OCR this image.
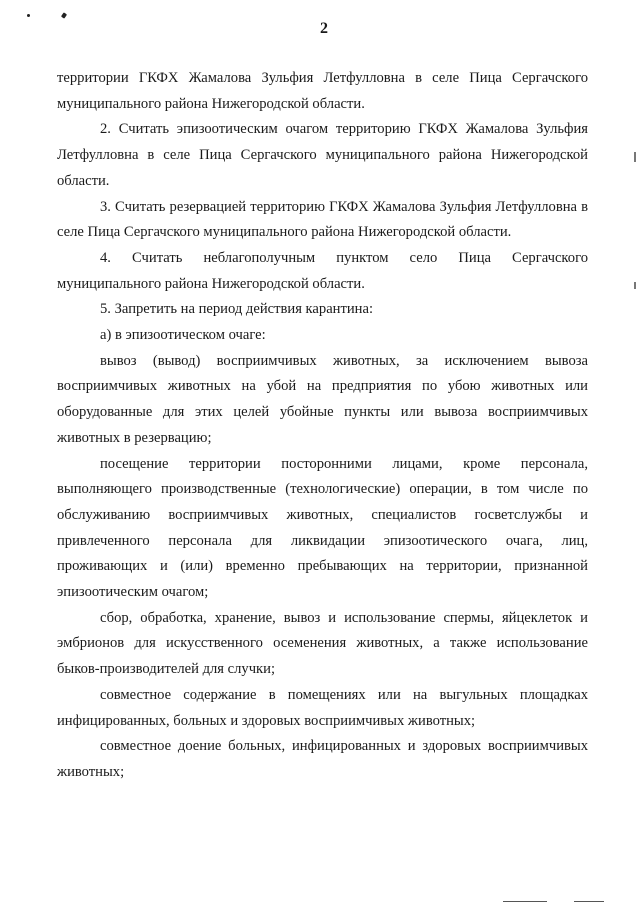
2

территории ГКФХ Жамалова Зульфия Летфулловна в селе Пица Сергачского муниципального района Нижегородской области.

2. Считать эпизоотическим очагом территорию ГКФХ Жамалова Зульфия Летфулловна в селе Пица Сергачского муниципального района Нижегородской области.

3. Считать резервацией территорию ГКФХ Жамалова Зульфия Летфулловна в селе Пица Сергачского муниципального района Нижегородской области.

4. Считать неблагополучным пунктом село Пица Сергачского муниципального района Нижегородской области.

5. Запретить на период действия карантина:

а) в эпизоотическом очаге:

вывоз (вывод) восприимчивых животных, за исключением вывоза восприимчивых животных на убой на предприятия по убою животных или оборудованные для этих целей убойные пункты или вывоза восприимчивых животных в резервацию;

посещение территории посторонними лицами, кроме персонала, выполняющего производственные (технологические) операции, в том числе по обслуживанию восприимчивых животных, специалистов госветслужбы и привлеченного персонала для ликвидации эпизоотического очага, лиц, проживающих и (или) временно пребывающих на территории, признанной эпизоотическим очагом;

сбор, обработка, хранение, вывоз и использование спермы, яйцеклеток и эмбрионов для искусственного осеменения животных, а также использование быков-производителей для случки;

совместное содержание в помещениях или на выгульных площадках инфицированных, больных и здоровых восприимчивых животных;

совместное доение больных, инфицированных и здоровых восприимчивых животных;
